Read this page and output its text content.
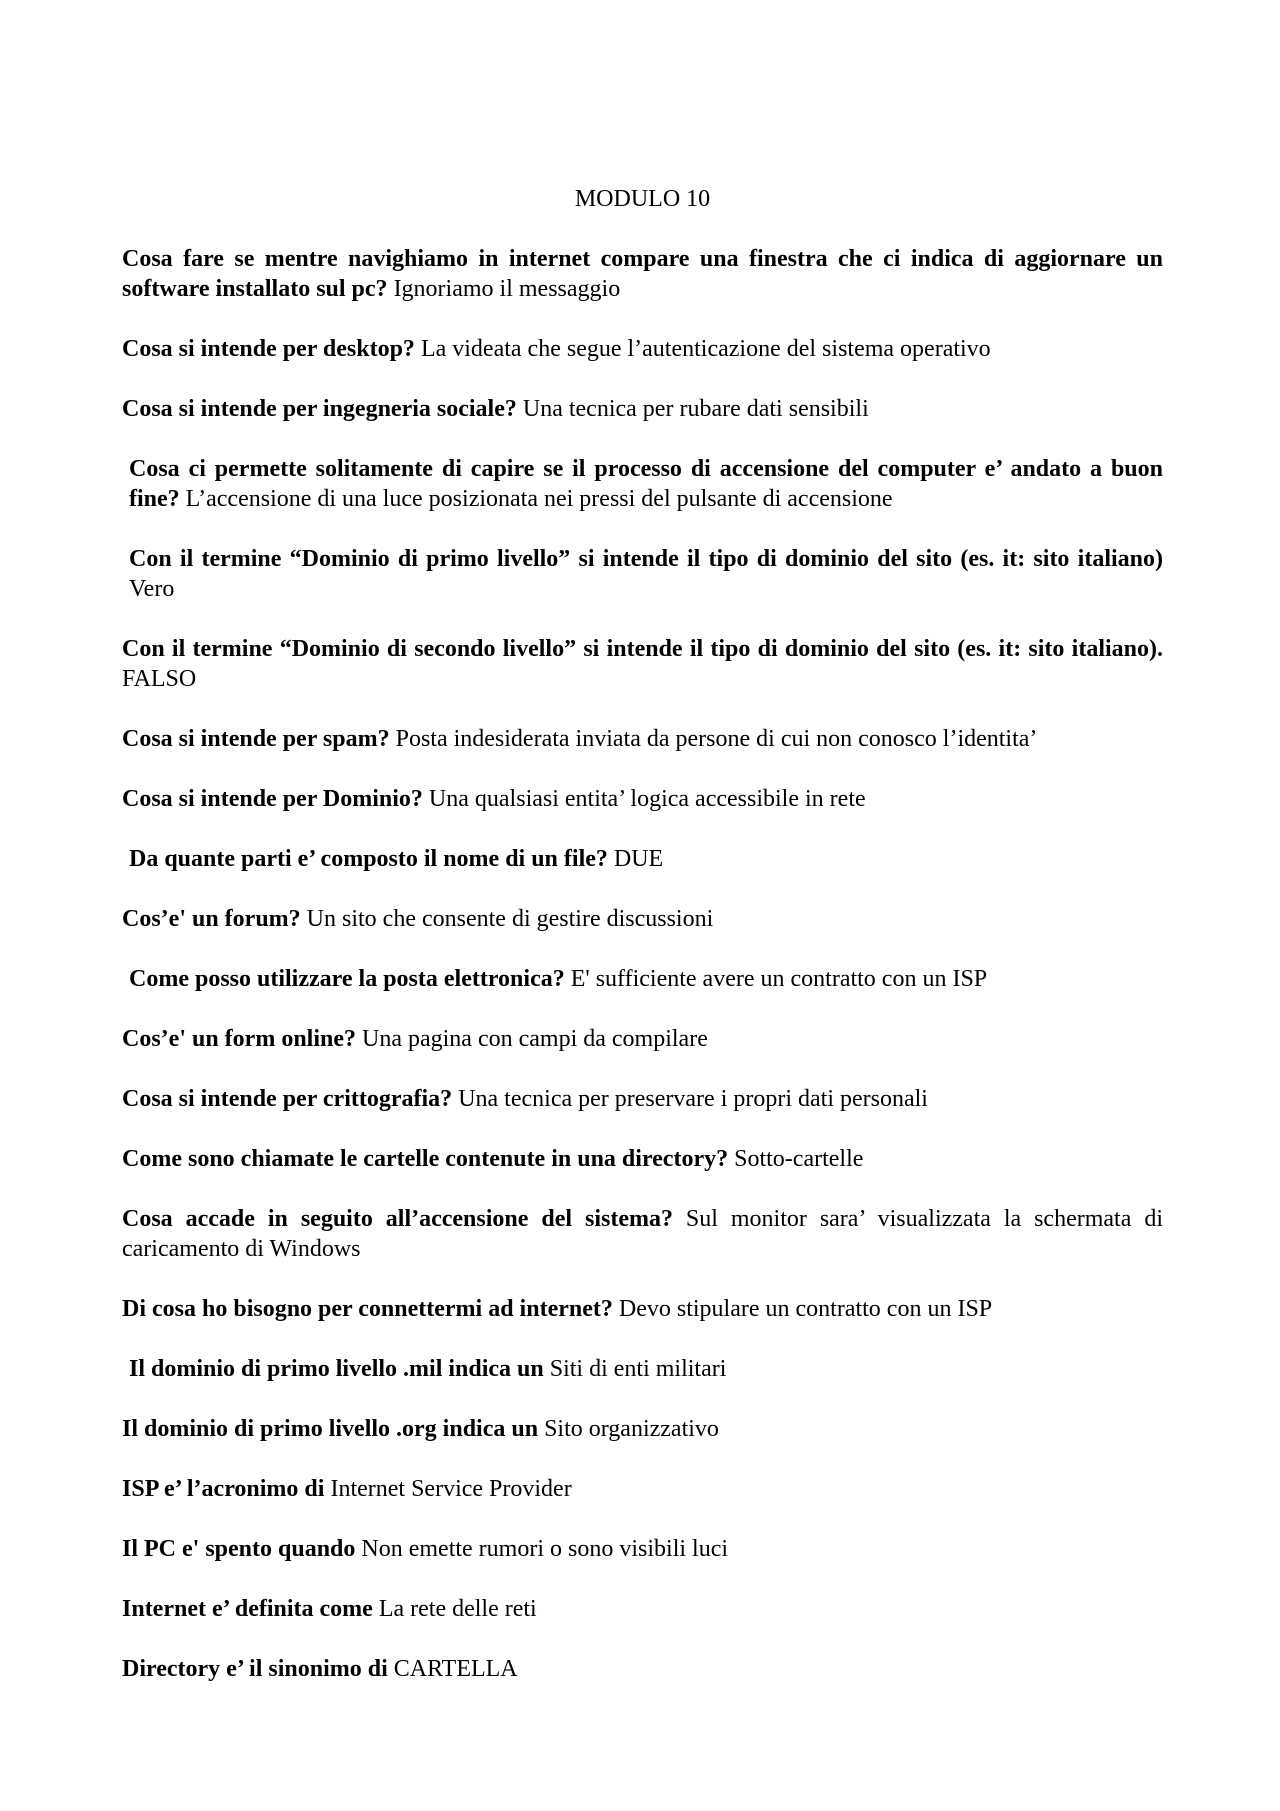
MODULO 10
Cosa fare se mentre navighiamo in internet compare una finestra che ci indica di aggiornare un software installato sul pc? Ignoriamo il messaggio
Cosa si intende per desktop? La videata che segue l’autenticazione del sistema operativo
Cosa si intende per ingegneria sociale? Una tecnica per rubare dati sensibili
Cosa ci permette solitamente di capire se il processo di accensione del computer e’ andato a buon fine? L’accensione di una luce posizionata nei pressi del pulsante di accensione
Con il termine “Dominio di primo livello” si intende il tipo di dominio del sito (es. it: sito italiano) Vero
Con il termine “Dominio di secondo livello” si intende il tipo di dominio del sito (es. it: sito italiano). FALSO
Cosa si intende per spam? Posta indesiderata inviata da persone di cui non conosco l’identita’
Cosa si intende per Dominio? Una qualsiasi entita’ logica accessibile in rete
Da quante parti e’ composto il nome di un file? DUE
Cos’e' un forum? Un sito che consente di gestire discussioni
Come posso utilizzare la posta elettronica? E' sufficiente avere un contratto con un ISP
Cos’e' un form online? Una pagina con campi da compilare
Cosa si intende per crittografia? Una tecnica per preservare i propri dati personali
Come sono chiamate le cartelle contenute in una directory? Sotto-cartelle
Cosa accade in seguito all’accensione del sistema? Sul monitor sara’ visualizzata la schermata di caricamento di Windows
Di cosa ho bisogno per connettermi ad internet? Devo stipulare un contratto con un ISP
Il dominio di primo livello .mil indica un Siti di enti militari
Il dominio di primo livello .org indica un Sito organizzativo
ISP e’ l’acronimo di Internet Service Provider
Il PC e' spento quando Non emette rumori o sono visibili luci
Internet e’ definita come La rete delle reti
Directory e’ il sinonimo di CARTELLA
